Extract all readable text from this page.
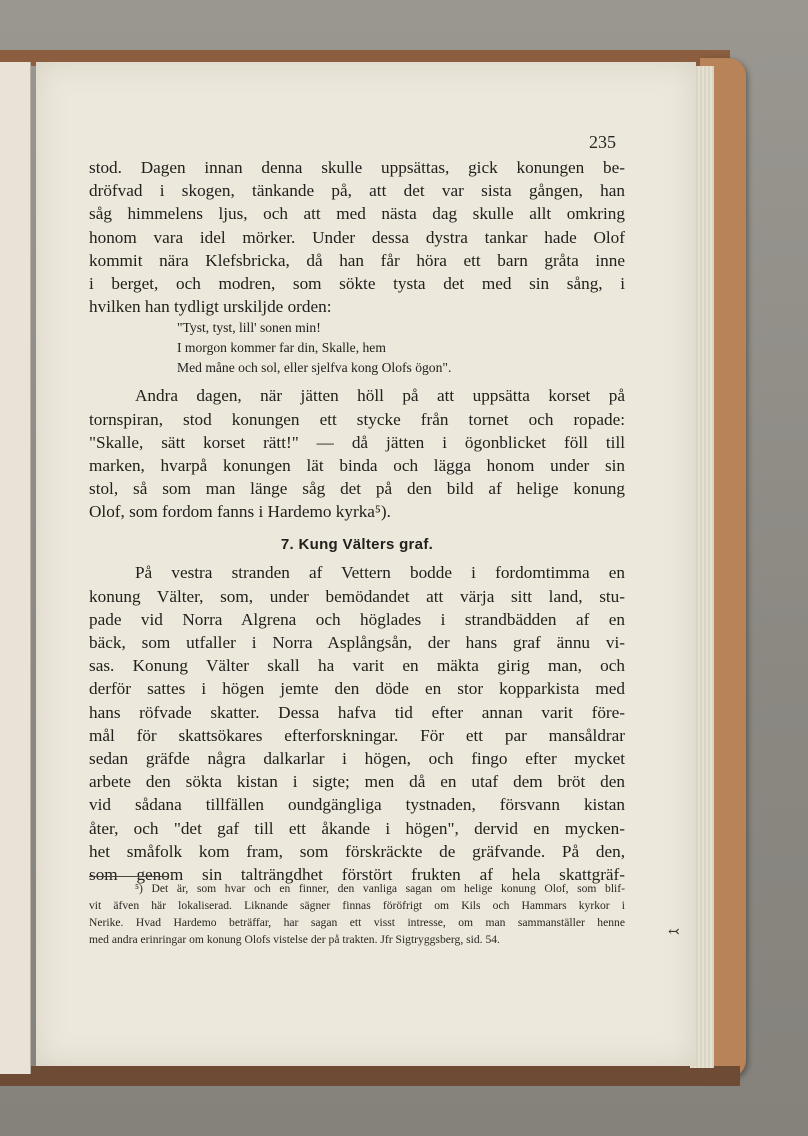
235
stod. Dagen innan denna skulle uppsättas, gick konungen be-
dröfvad i skogen, tänkande på, att det var sista gången, han
såg himmelens ljus, och att med nästa dag skulle allt omkring
honom vara idel mörker. Under dessa dystra tankar hade Olof
kommit nära Klefsbricka, då han får höra ett barn gråta inne
i berget, och modren, som sökte tysta det med sin sång, i
hvilken han tydligt urskiljde orden:
"Tyst, tyst, lill' sonen min!
I morgon kommer far din, Skalle, hem
Med måne och sol, eller sjelfva kong Olofs ögon".
Andra dagen, när jätten höll på att uppsätta korset på
tornspiran, stod konungen ett stycke från tornet och ropade:
"Skalle, sätt korset rätt!" — då jätten i ögonblicket föll till
marken, hvarpå konungen lät binda och lägga honom under sin
stol, så som man länge såg det på den bild af helige konung
Olof, som fordom fanns i Hardemo kyrka⁵).
7. Kung Välters graf.
På vestra stranden af Vettern bodde i fordomtimma en
konung Välter, som, under bemödandet att värja sitt land, stu-
pade vid Norra Algrena och höglades i strandbädden af en
bäck, som utfaller i Norra Asplångsån, der hans graf ännu vi-
sas. Konung Välter skall ha varit en mäkta girig man, och
derför sattes i högen jemte den döde en stor kopparkista med
hans röfvade skatter. Dessa hafva tid efter annan varit före-
mål för skattsökares efterforskningar. För ett par mansåldrar
sedan gräfde några dalkarlar i högen, och fingo efter mycket
arbete den sökta kistan i sigte; men då en utaf dem bröt den
vid sådana tillfällen oundgängliga tystnaden, försvann kistan
åter, och "det gaf till ett åkande i högen", dervid en mycken-
het småfolk kom fram, som förskräckte de gräfvande. På den,
som genom sin talträngdhet förstört frukten af hela skattgräf-
⁵) Det är, som hvar och en finner, den vanliga sagan om helige konung Olof, som blif-
vit äfven här lokaliserad. Liknande sägner finnas föröfrigt om Kils och Hammars kyrkor i
Nerike. Hvad Hardemo beträffar, har sagan ett visst intresse, om man sammanställer henne
med andra erinringar om konung Olofs vistelse der på trakten. Jfr Sigtryggsberg, sid. 54.	↢
